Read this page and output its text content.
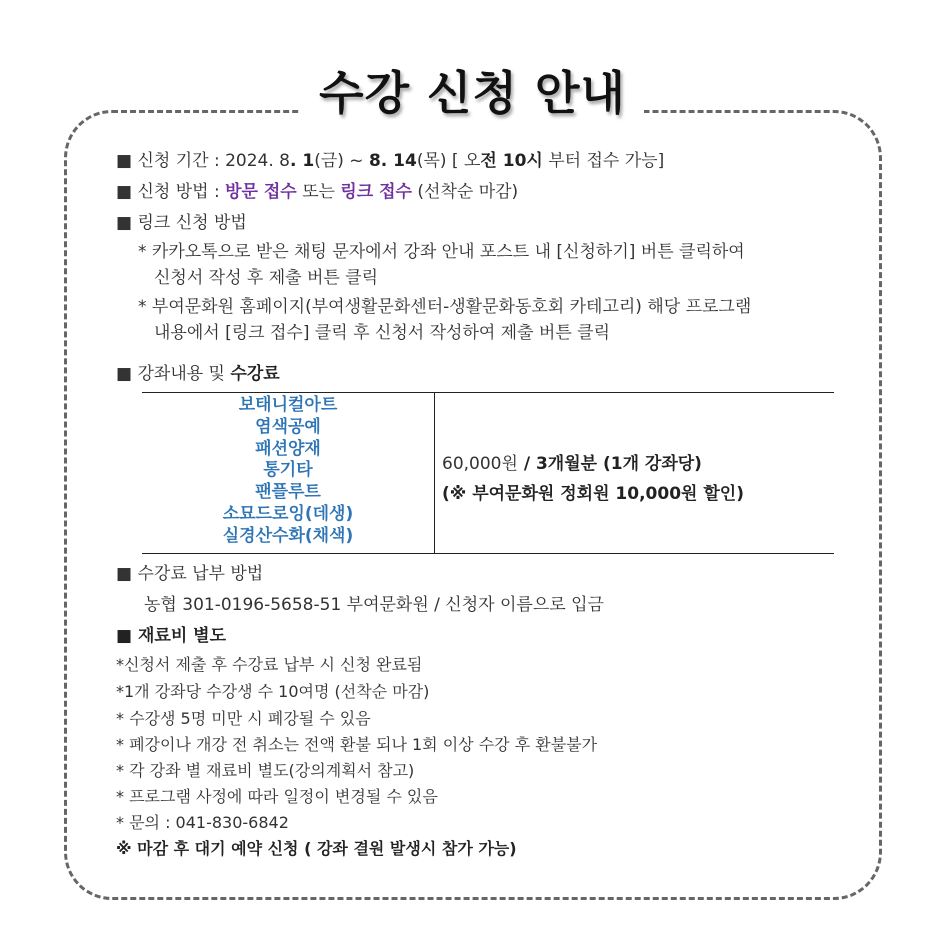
수강 신청 안내
■ 신청 기간 : 2024. 8. 1(금) ~ 8. 14(목) [ 오전 10시 부터 접수 가능]
■ 신청 방법 : 방문 접수 또는 링크 접수 (선착순 마감)
■ 링크 신청 방법
* 카카오톡으로 받은 채팅 문자에서 강좌 안내 포스트 내 [신청하기] 버튼 클릭하여
신청서 작성 후 제출 버튼 클릭
* 부여문화원 홈페이지(부여생활문화센터-생활문화동호회 카테고리) 해당 프로그램
내용에서 [링크 접수] 클릭 후 신청서 작성하여 제출 버튼 클릭
■ 강좌내용 및 수강료
보태니컬아트
염색공예
패션양재
통기타
팬플루트
소묘드로잉(데생)
실경산수화(채색)
60,000원 / 3개월분 (1개 강좌당)
(※ 부여문화원 정회원 10,000원 할인)
■ 수강료 납부 방법
농협 301-0196-5658-51 부여문화원 / 신청자 이름으로 입금
■ 재료비 별도
*신청서 제출 후 수강료 납부 시 신청 완료됨
*1개 강좌당 수강생 수 10여명 (선착순 마감)
* 수강생 5명 미만 시 폐강될 수 있음
* 폐강이나 개강 전 취소는 전액 환불 되나 1회 이상 수강 후 환불불가
* 각 강좌 별 재료비 별도(강의계획서 참고)
* 프로그램 사정에 따라 일정이 변경될 수 있음
* 문의 : 041-830-6842
※ 마감 후 대기 예약 신청 ( 강좌 결원 발생시 참가 가능)
